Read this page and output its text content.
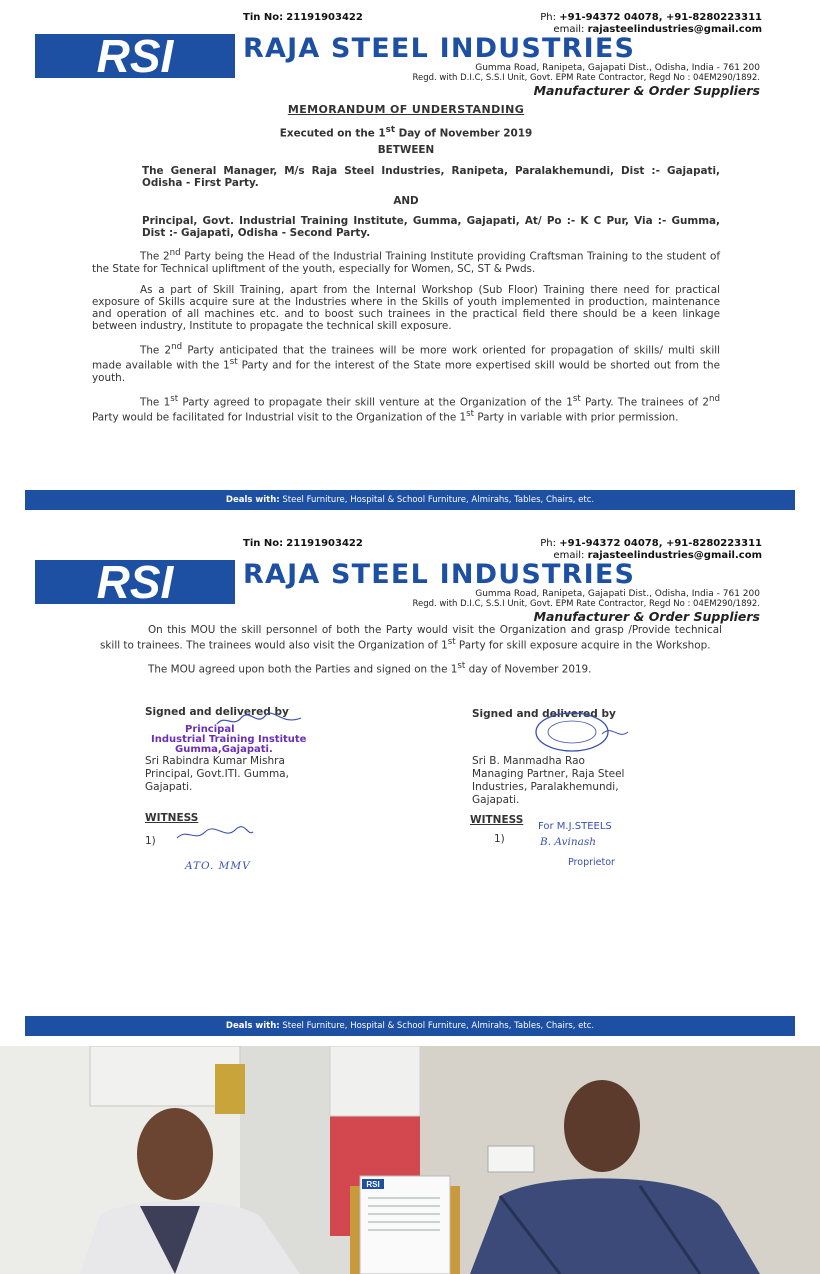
RSI
Tin No: 21191903422	Ph: +91-94372 04078, +91-8280223311
email: rajasteelindustries@gmail.com
RAJA STEEL INDUSTRIES
Gumma Road, Ranipeta, Gajapati Dist., Odisha, India - 761 200
Regd. with D.I.C, S.S.I Unit, Govt. EPM Rate Contractor, Regd No : 04EM290/1892.
Manufacturer & Order Suppliers
MEMORANDUM OF UNDERSTANDING
Executed on the 1st Day of November 2019
BETWEEN
The General Manager, M/s Raja Steel Industries, Ranipeta, Paralakhemundi, Dist :- Gajapati, Odisha - First Party.
AND
Principal, Govt. Industrial Training Institute, Gumma, Gajapati, At/ Po :- K C Pur, Via :- Gumma, Dist :- Gajapati, Odisha - Second Party.

The 2nd Party being the Head of the Industrial Training Institute providing Craftsman Training to the student of the State for Technical upliftment of the youth, especially for Women, SC, ST & Pwds.

As a part of Skill Training, apart from the Internal Workshop (Sub Floor) Training there need for practical exposure of Skills acquire sure at the Industries where in the Skills of youth implemented in production, maintenance and operation of all machines etc. and to boost such trainees in the practical field there should be a keen linkage between industry, Institute to propagate the technical skill exposure.

The 2nd Party anticipated that the trainees will be more work oriented for propagation of skills/ multi skill made available with the 1st Party and for the interest of the State more expertised skill would be shorted out from the youth.

The 1st Party agreed to propagate their skill venture at the Organization of the 1st Party. The trainees of 2nd Party would be facilitated for Industrial visit to the Organization of the 1st Party in variable with prior permission.

Deals with: Steel Furniture, Hospital & School Furniture, Almirahs, Tables, Chairs, etc.
RSI
Tin No: 21191903422	Ph: +91-94372 04078, +91-8280223311
email: rajasteelindustries@gmail.com
RAJA STEEL INDUSTRIES
Gumma Road, Ranipeta, Gajapati Dist., Odisha, India - 761 200
Regd. with D.I.C, S.S.I Unit, Govt. EPM Rate Contractor, Regd No : 04EM290/1892.
Manufacturer & Order Suppliers

On this MOU the skill personnel of both the Party would visit the Organization and grasp /Provide technical skill to trainees. The trainees would also visit the Organization of 1st Party for skill exposure acquire in the Workshop.

The MOU agreed upon both the Parties and signed on the 1st day of November 2019.

Signed and delivered by
Principal
Industrial Training Institute
Gumma,Gajapati.
Sri Rabindra Kumar Mishra
Principal, Govt.ITI. Gumma,
Gajapati.
Signed and delivered by
Sri B. Manmadha Rao
Managing Partner, Raja Steel
Industries, Paralakhemundi,
Gajapati.
WITNESS
1)
ATO. MMV
WITNESS
For M.J.STEELS
1)	B. Avinash
Proprietor
Deals with: Steel Furniture, Hospital & School Furniture, Almirahs, Tables, Chairs, etc.
RSI
